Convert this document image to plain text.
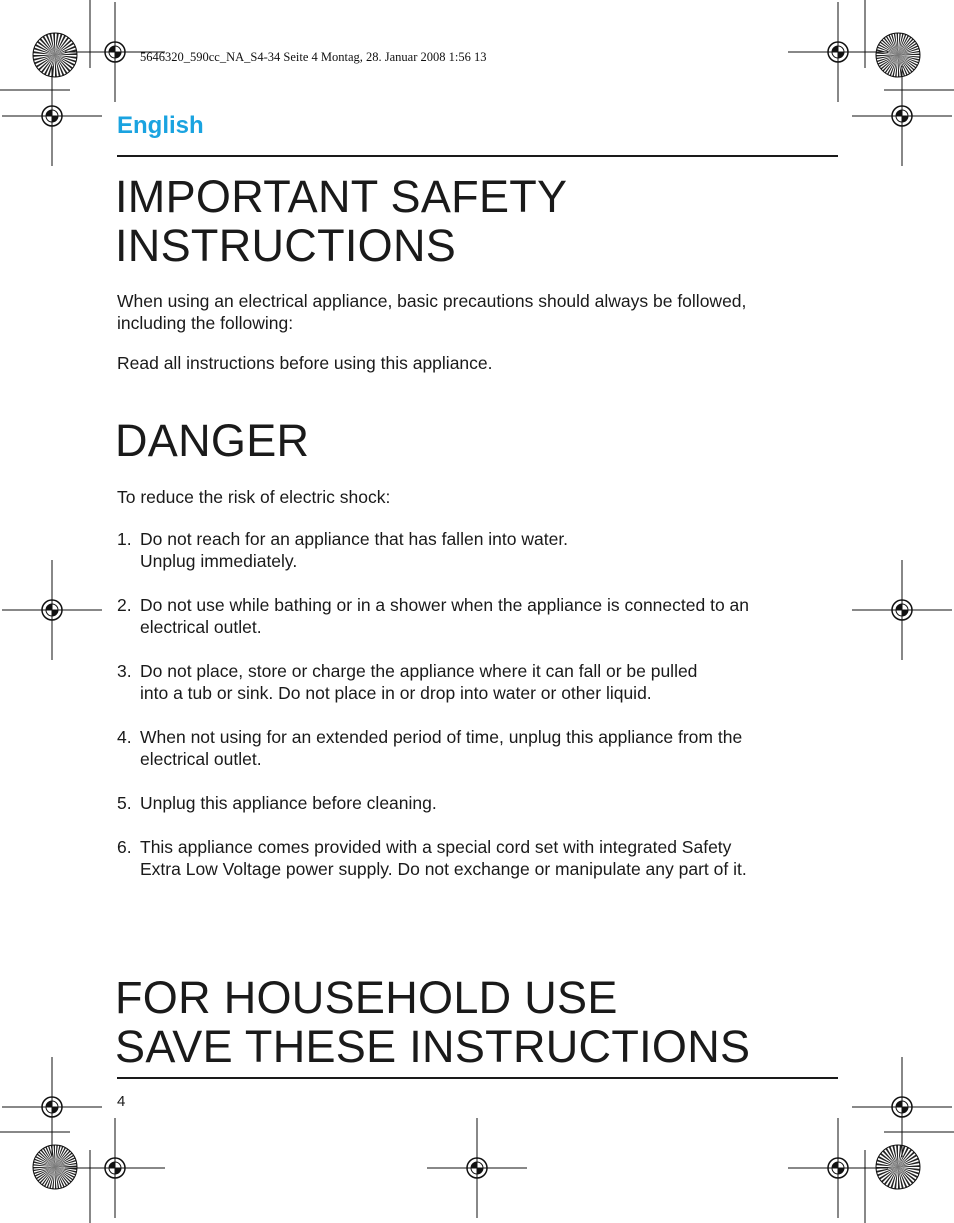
5646320_590cc_NA_S4-34 Seite 4 Montag, 28. Januar 2008 1:56 13
English
IMPORTANT SAFETY
INSTRUCTIONS

When using an electrical appliance, basic precautions should always be followed, including the following:

Read all instructions before using this appliance.

DANGER

To reduce the risk of electric shock:

1. Do not reach for an appliance that has fallen into water.
Unplug immediately.
2. Do not use while bathing or in a shower when the appliance is connected to an
electrical outlet.
3. Do not place, store or charge the appliance where it can fall or be pulled
into a tub or sink. Do not place in or drop into water or other liquid.
4. When not using for an extended period of time, unplug this appliance from the
electrical outlet.
5. Unplug this appliance before cleaning.
6. This appliance comes provided with a special cord set with integrated Safety
Extra Low Voltage power supply. Do not exchange or manipulate any part of it.
FOR HOUSEHOLD USE
SAVE THESE INSTRUCTIONS
4
